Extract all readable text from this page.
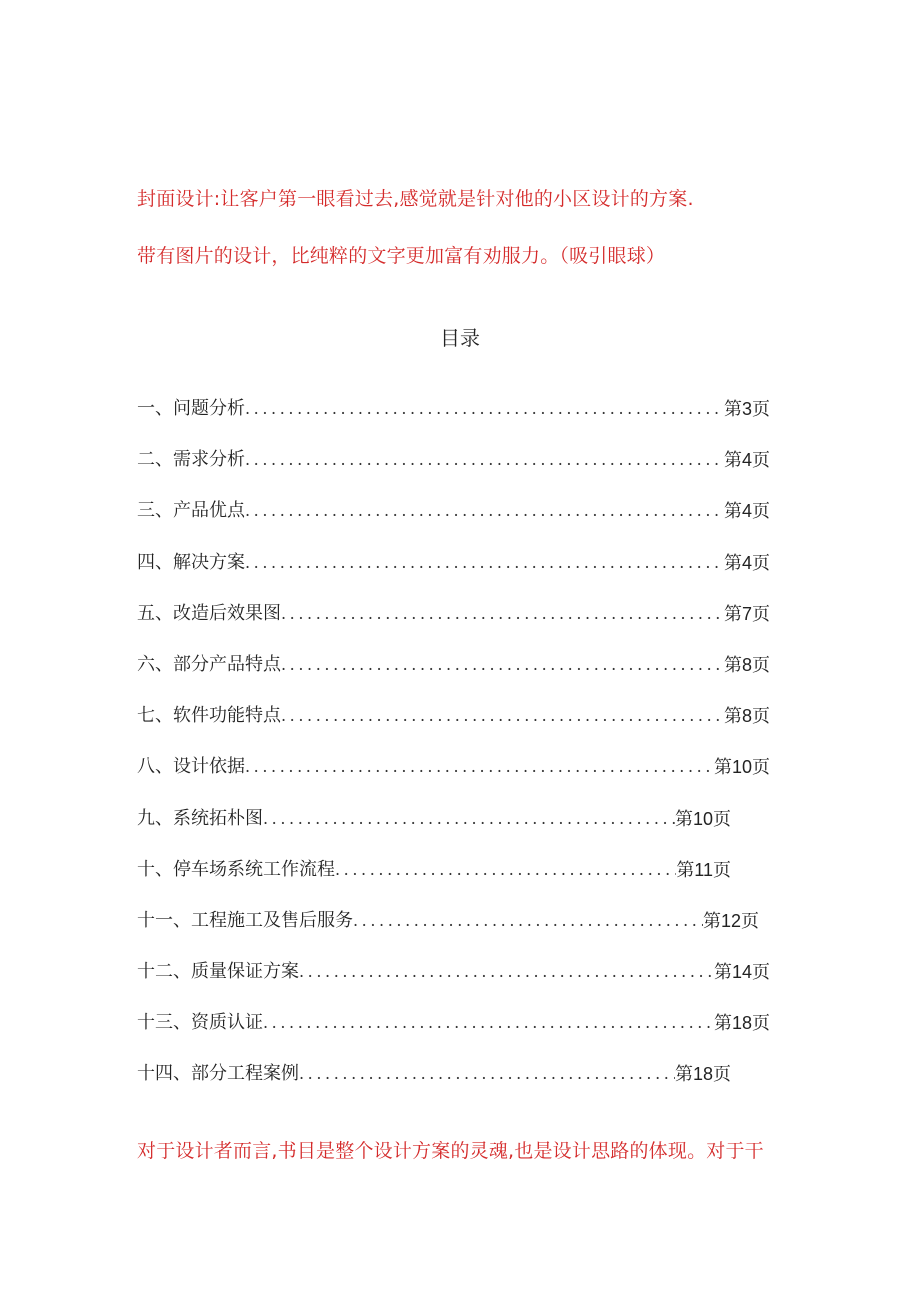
封面设计:让客户第一眼看过去,感觉就是针对他的小区设计的方案.
带有图片的设计，比纯粹的文字更加富有劝服力。（吸引眼球）
目录
一、问题分析 .....	第3页
二、需求分析 .....	第4页
三、产品优点 .....	第4页
四、解决方案 .....	第4页
五、改造后效果图 .....	第7页
六、部分产品特点 .....	第8页
七、软件功能特点 .....	第8页
八、设计依据 .....	第10页
九、系统拓朴图 .....	第10页
十、停车场系统工作流程 .....	第11页
十一、工程施工及售后服务 .....	第12页
十二、质量保证方案 .....	第14页
十三、资质认证 .....	第18页
十四、部分工程案例 .....	第18页
对于设计者而言,书目是整个设计方案的灵魂,也是设计思路的体现。对于干
